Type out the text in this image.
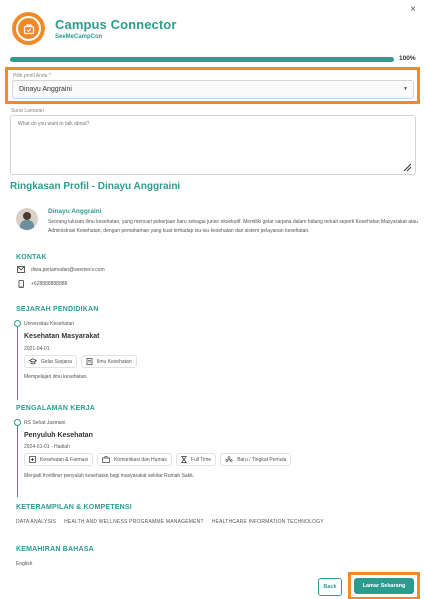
×
Campus Connector
SeeMeCampCon
100%
Pilih profil Anda *
Dinayu Anggraini	▼
Surat Lamaran
What do you want to talk about?
Ringkasan Profil - Dinayu Anggraini
Dinayu Anggraini
Seorang lulusan ilmu kesehatan, yang mencari pekerjaan baru sebagai junior eksekutif. Memiliki gelar sarjana dalam bidang terkait seperti Kesehatan Masyarakat atau Administrasi Kesehatan, dengan pemahaman yang kuat terhadap isu-isu kesehatan dan sistem pelayanan kesehatan.
KONTAK
divia.periamodan@seemecv.com
+628888888888
SEJARAH PENDIDIKAN
Universitas Kesehatan
Kesehatan Masyarakat
2021-04-01
Gelar Sarjana	Ilmu Kesehatan
Mempelajari ilmu kesehatan.
PENGALAMAN KERJA
RS Sehat Jasmani
Penyuluh Kesehatan
2024-01-01 - Hadiah
Kesehatan & Farmasi	Komunikasi dan Humas	Full Time	Baru / Tingkat Pemula
Menjadi frontliner penyuluh kesehatan bagi masyarakat sekitar Rumah Sakit.
KETERAMPILAN & KOMPETENSI
DATA ANALYSIS HEALTH AND WELLNESS PROGRAMME MANAGEMENT HEALTHCARE INFORMATION TECHNOLOGY
KEMAHIRAN BAHASA
English
Back	Lamar Sekarang
